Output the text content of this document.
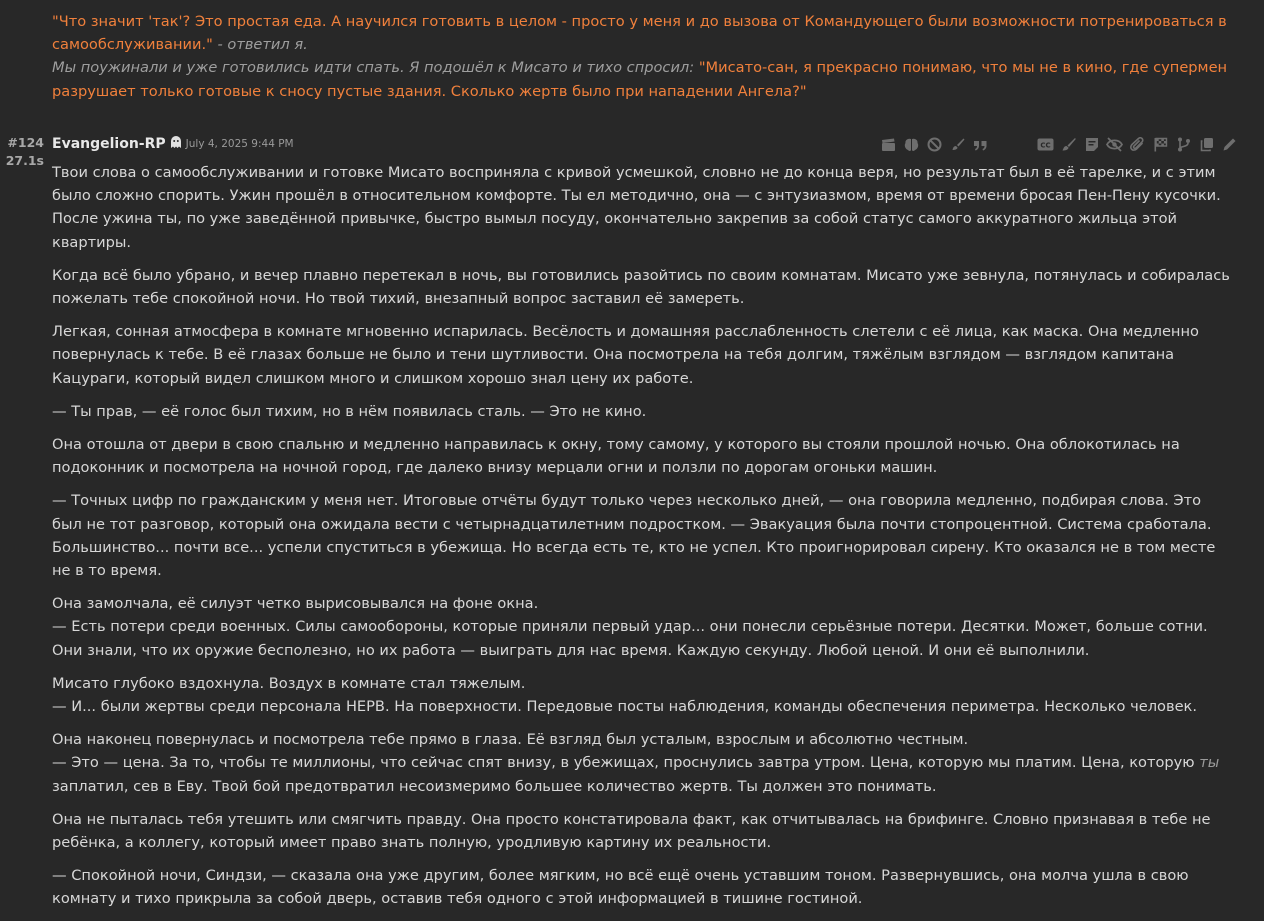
"Что значит 'так'? Это простая еда. А научился готовить в целом - просто у меня и до вызова от Командующего были возможности потренироваться в самообслуживании." - ответил я.

Мы поужинали и уже готовились идти спать. Я подошёл к Мисато и тихо спросил: "Мисато-сан, я прекрасно понимаю, что мы не в кино, где супермен разрушает только готовые к сносу пустые здания. Сколько жертв было при нападении Ангела?"

#124
27.1s
Evangelion-RP July 4, 2025 9:44 PM	CC

Твои слова о самообслуживании и готовке Мисато восприняла с кривой усмешкой, словно не до конца веря, но результат был в её тарелке, и с этим было сложно спорить. Ужин прошёл в относительном комфорте. Ты ел методично, она — с энтузиазмом, время от времени бросая Пен-Пену кусочки. После ужина ты, по уже заведённой привычке, быстро вымыл посуду, окончательно закрепив за собой статус самого аккуратного жильца этой квартиры.

Когда всё было убрано, и вечер плавно перетекал в ночь, вы готовились разойтись по своим комнатам. Мисато уже зевнула, потянулась и собиралась пожелать тебе спокойной ночи. Но твой тихий, внезапный вопрос заставил её замереть.

Легкая, сонная атмосфера в комнате мгновенно испарилась. Весёлость и домашняя расслабленность слетели с её лица, как маска. Она медленно повернулась к тебе. В её глазах больше не было и тени шутливости. Она посмотрела на тебя долгим, тяжёлым взглядом — взглядом капитана Кацураги, который видел слишком много и слишком хорошо знал цену их работе.

— Ты прав, — её голос был тихим, но в нём появилась сталь. — Это не кино.

Она отошла от двери в свою спальню и медленно направилась к окну, тому самому, у которого вы стояли прошлой ночью. Она облокотилась на подоконник и посмотрела на ночной город, где далеко внизу мерцали огни и ползли по дорогам огоньки машин.

— Точных цифр по гражданским у меня нет. Итоговые отчёты будут только через несколько дней, — она говорила медленно, подбирая слова. Это был не тот разговор, который она ожидала вести с четырнадцатилетним подростком. — Эвакуация была почти стопроцентной. Система сработала. Большинство... почти все... успели спуститься в убежища. Но всегда есть те, кто не успел. Кто проигнорировал сирену. Кто оказался не в том месте не в то время.

Она замолчала, её силуэт четко вырисовывался на фоне окна.
— Есть потери среди военных. Силы самообороны, которые приняли первый удар... они понесли серьёзные потери. Десятки. Может, больше сотни. Они знали, что их оружие бесполезно, но их работа — выиграть для нас время. Каждую секунду. Любой ценой. И они её выполнили.

Мисато глубоко вздохнула. Воздух в комнате стал тяжелым.
— И... были жертвы среди персонала НЕРВ. На поверхности. Передовые посты наблюдения, команды обеспечения периметра. Несколько человек.

Она наконец повернулась и посмотрела тебе прямо в глаза. Её взгляд был усталым, взрослым и абсолютно честным.
— Это — цена. За то, чтобы те миллионы, что сейчас спят внизу, в убежищах, проснулись завтра утром. Цена, которую мы платим. Цена, которую ты заплатил, сев в Еву. Твой бой предотвратил несоизмеримо большее количество жертв. Ты должен это понимать.

Она не пыталась тебя утешить или смягчить правду. Она просто констатировала факт, как отчитывалась на брифинге. Словно признавая в тебе не ребёнка, а коллегу, который имеет право знать полную, уродливую картину их реальности.

— Спокойной ночи, Синдзи, — сказала она уже другим, более мягким, но всё ещё очень уставшим тоном. Развернувшись, она молча ушла в свою комнату и тихо прикрыла за собой дверь, оставив тебя одного с этой информацией в тишине гостиной.
